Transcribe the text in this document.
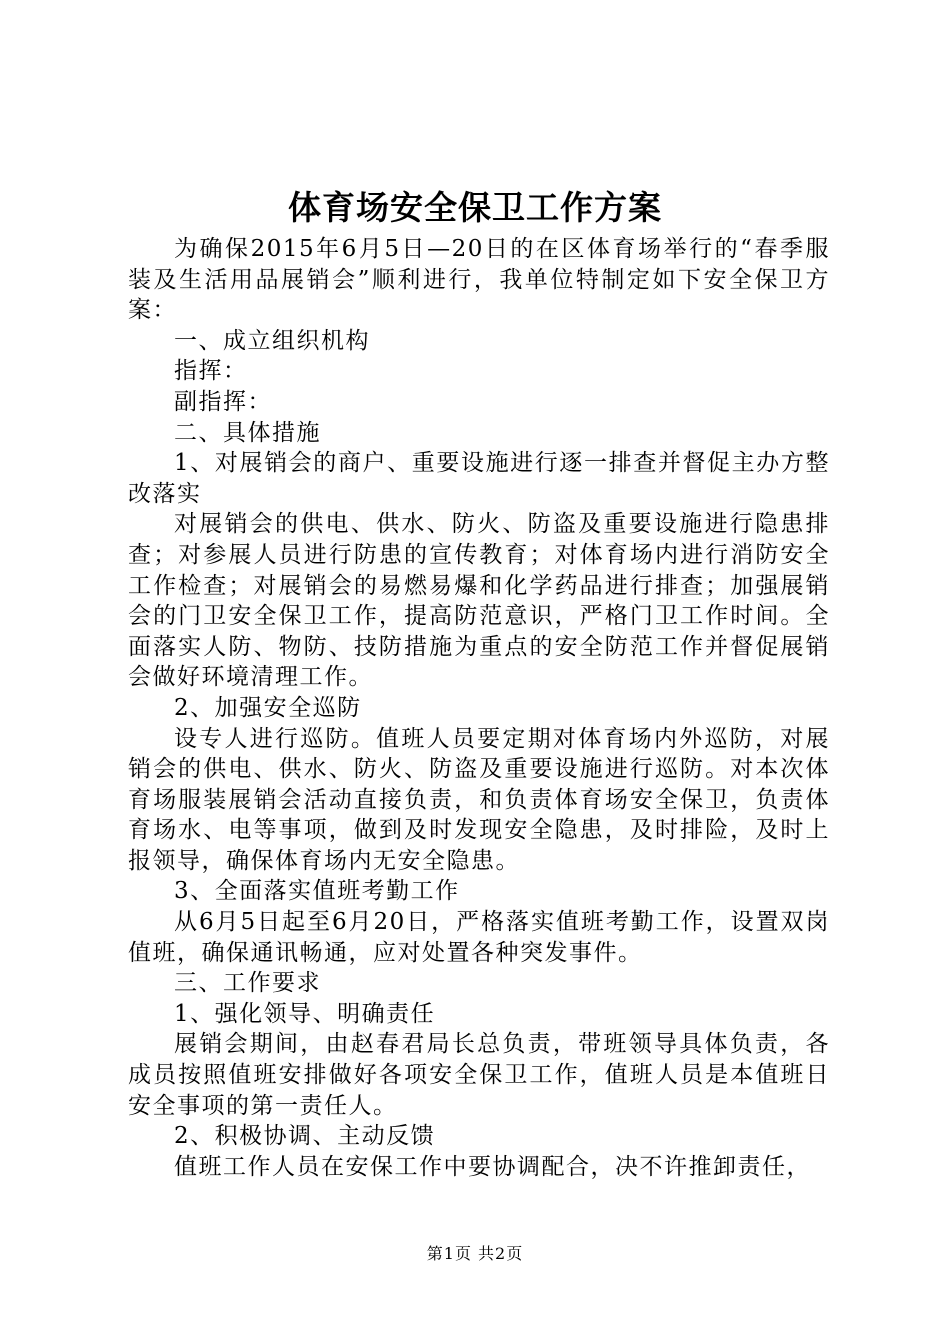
体育场安全保卫工作方案

为确保2015年6月5日—20日的在区体育场举行的“春季服装及生活用品展销会”顺利进行，我单位特制定如下安全保卫方案：

一、成立组织机构

指挥：

副指挥：

二、具体措施

1、对展销会的商户、重要设施进行逐一排查并督促主办方整改落实

对展销会的供电、供水、防火、防盗及重要设施进行隐患排查；对参展人员进行防患的宣传教育；对体育场内进行消防安全工作检查；对展销会的易燃易爆和化学药品进行排查；加强展销会的门卫安全保卫工作，提高防范意识，严格门卫工作时间。全面落实人防、物防、技防措施为重点的安全防范工作并督促展销会做好环境清理工作。

2、加强安全巡防

设专人进行巡防。值班人员要定期对体育场内外巡防，对展销会的供电、供水、防火、防盗及重要设施进行巡防。对本次体育场服装展销会活动直接负责，和负责体育场安全保卫，负责体育场水、电等事项，做到及时发现安全隐患，及时排险，及时上报领导，确保体育场内无安全隐患。

3、全面落实值班考勤工作

从6月5日起至6月20日，严格落实值班考勤工作，设置双岗值班，确保通讯畅通，应对处置各种突发事件。

三、工作要求

1、强化领导、明确责任

展销会期间，由赵春君局长总负责，带班领导具体负责，各成员按照值班安排做好各项安全保卫工作，值班人员是本值班日安全事项的第一责任人。

2、积极协调、主动反馈

值班工作人员在安保工作中要协调配合，决不许推卸责任，

第1页 共2页
